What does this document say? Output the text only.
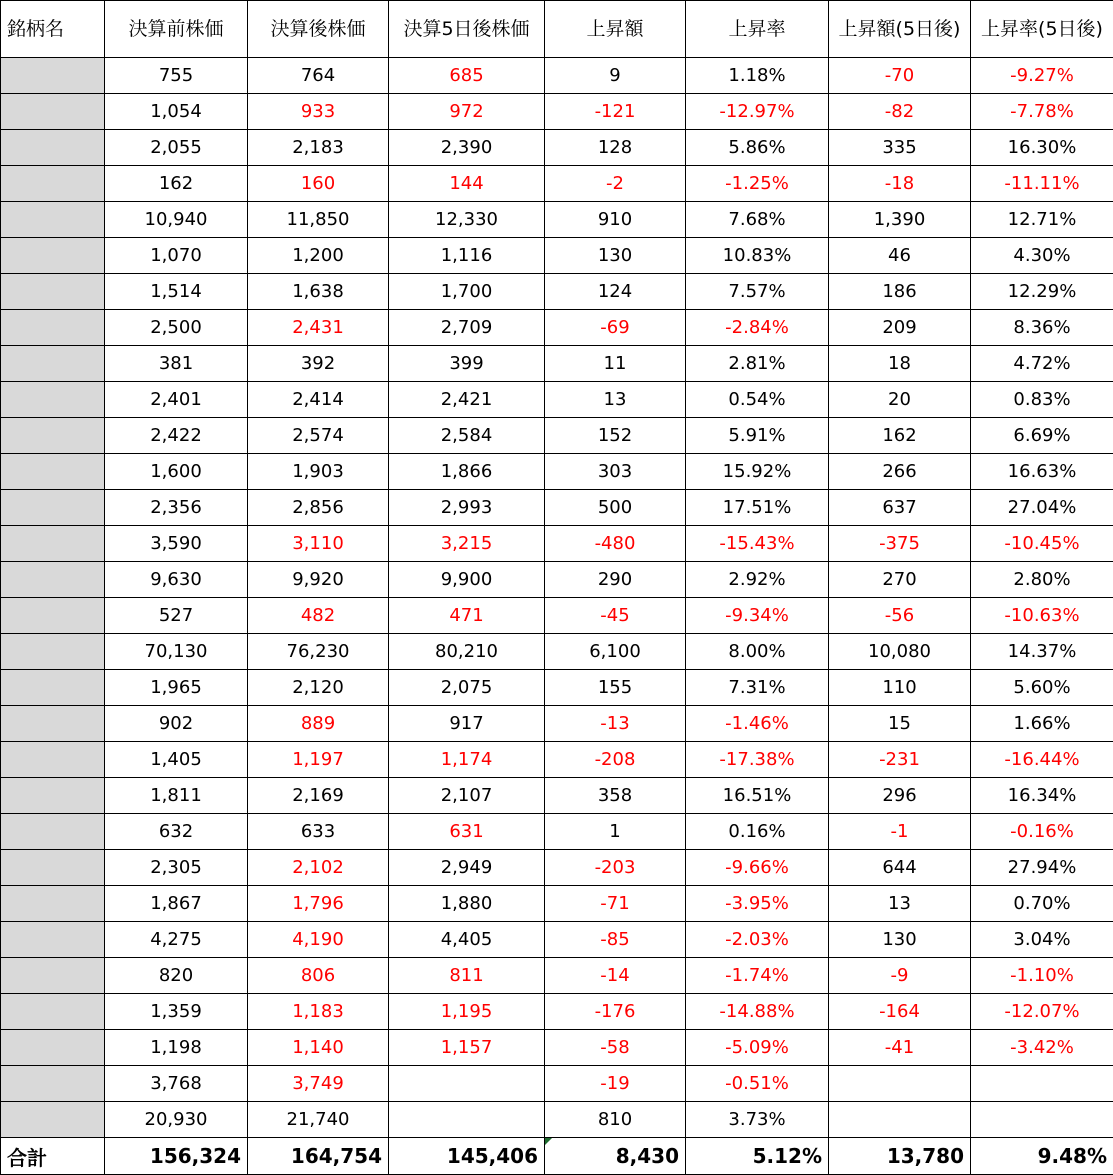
銘柄名	決算前株価	決算後株価	決算5日後株価	上昇額	上昇率	上昇額(5日後)	上昇率(5日後)
	755	764	685	9	1.18%	-70	-9.27%
	1,054	933	972	-121	-12.97%	-82	-7.78%
	2,055	2,183	2,390	128	5.86%	335	16.30%
	162	160	144	-2	-1.25%	-18	-11.11%
	10,940	11,850	12,330	910	7.68%	1,390	12.71%
	1,070	1,200	1,116	130	10.83%	46	4.30%
	1,514	1,638	1,700	124	7.57%	186	12.29%
	2,500	2,431	2,709	-69	-2.84%	209	8.36%
	381	392	399	11	2.81%	18	4.72%
	2,401	2,414	2,421	13	0.54%	20	0.83%
	2,422	2,574	2,584	152	5.91%	162	6.69%
	1,600	1,903	1,866	303	15.92%	266	16.63%
	2,356	2,856	2,993	500	17.51%	637	27.04%
	3,590	3,110	3,215	-480	-15.43%	-375	-10.45%
	9,630	9,920	9,900	290	2.92%	270	2.80%
	527	482	471	-45	-9.34%	-56	-10.63%
	70,130	76,230	80,210	6,100	8.00%	10,080	14.37%
	1,965	2,120	2,075	155	7.31%	110	5.60%
	902	889	917	-13	-1.46%	15	1.66%
	1,405	1,197	1,174	-208	-17.38%	-231	-16.44%
	1,811	2,169	2,107	358	16.51%	296	16.34%
	632	633	631	1	0.16%	-1	-0.16%
	2,305	2,102	2,949	-203	-9.66%	644	27.94%
	1,867	1,796	1,880	-71	-3.95%	13	0.70%
	4,275	4,190	4,405	-85	-2.03%	130	3.04%
	820	806	811	-14	-1.74%	-9	-1.10%
	1,359	1,183	1,195	-176	-14.88%	-164	-12.07%
	1,198	1,140	1,157	-58	-5.09%	-41	-3.42%
	3,768	3,749		-19	-0.51%		
	20,930	21,740		810	3.73%		
合計	156,324	164,754	145,406	8,430	5.12%	13,780	9.48%
